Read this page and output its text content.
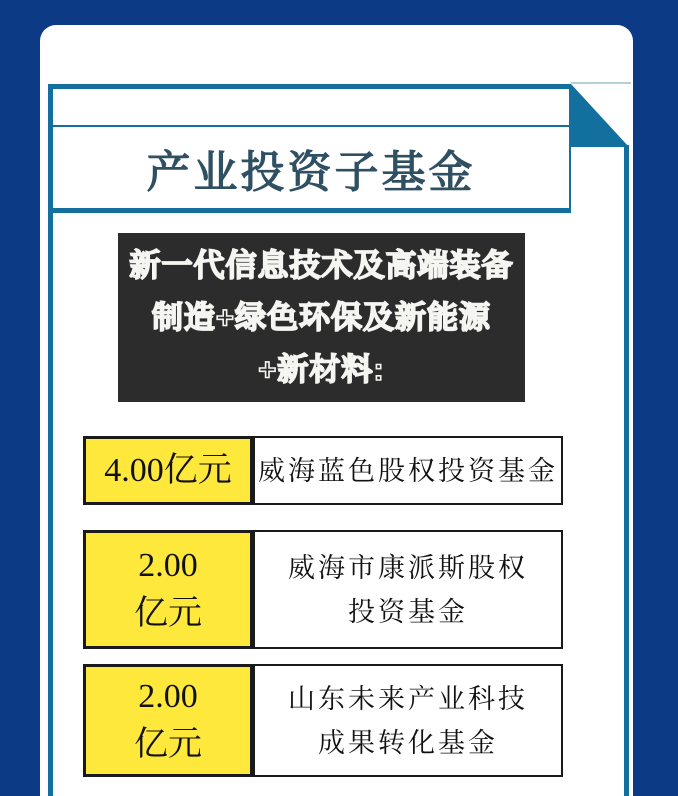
产业投资子基金
新一代信息技术及高端装备
制造+绿色环保及新能源
+新材料:
4.00亿元 威海蓝色股权投资基金
2.00
亿元
威海市康派斯股权
投资基金
2.00
亿元
山东未来产业科技
成果转化基金
